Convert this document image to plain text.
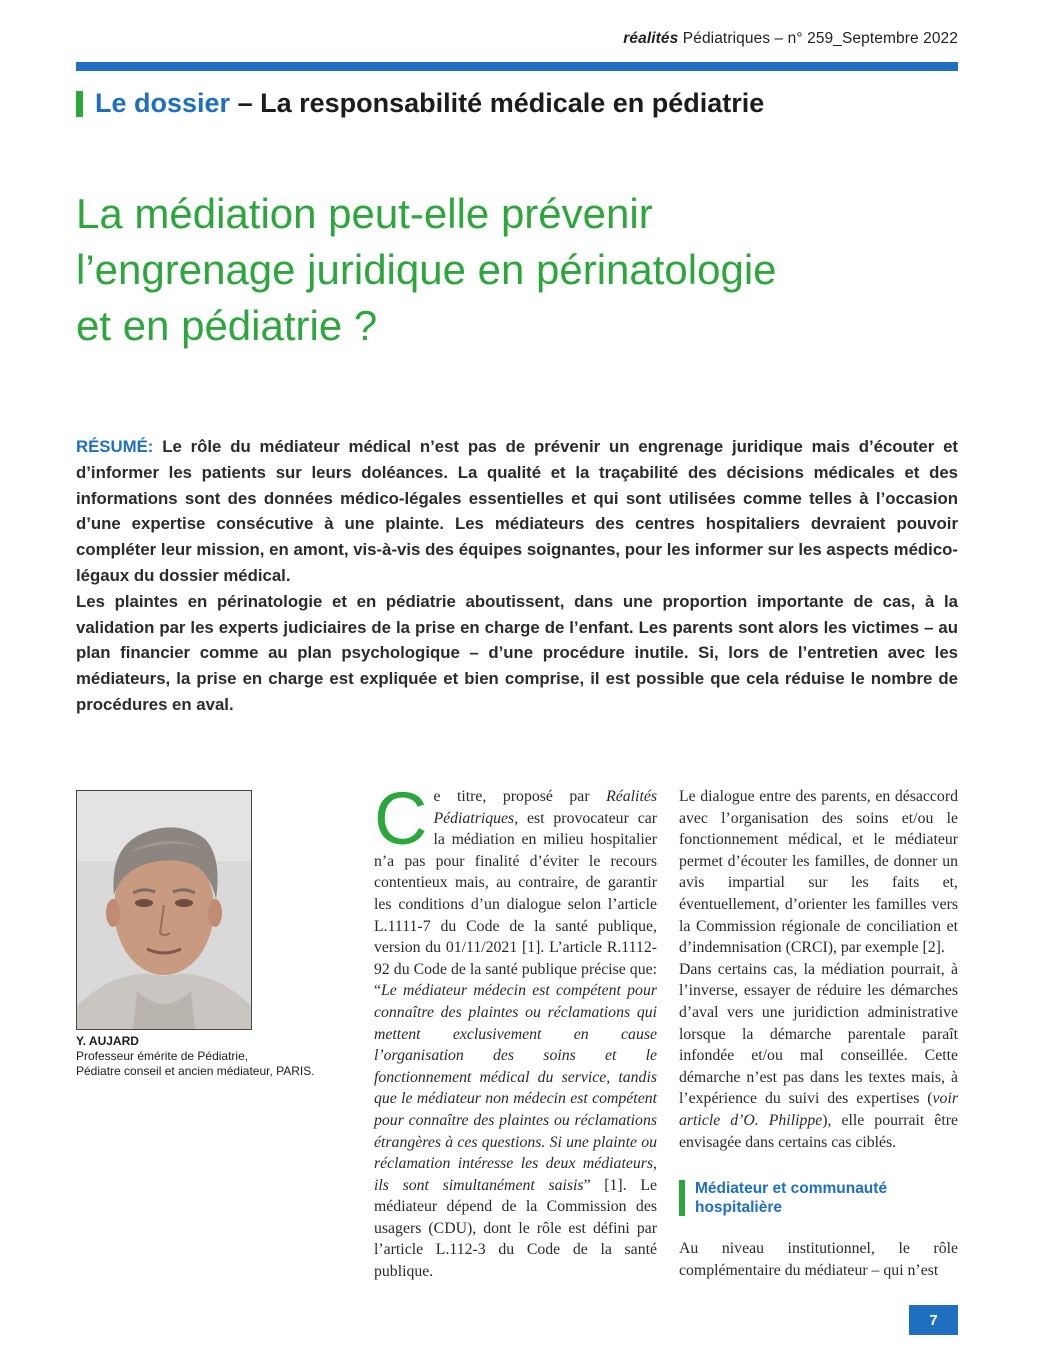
réalités Pédiatriques – n° 259_Septembre 2022
Le dossier
–
La responsabilité médicale en pédiatrie
La médiation peut-elle prévenir
l’engrenage juridique en périnatologie
et en pédiatrie ?

RÉSUMÉ: Le rôle du médiateur médical n’est pas de prévenir un engrenage juridique mais d’écouter et d’informer les patients sur leurs doléances. La qualité et la traçabilité des décisions médicales et des informations sont des données médico-légales essentielles et qui sont utilisées comme telles à l’occasion d’une expertise consécutive à une plainte. Les médiateurs des centres hospitaliers devraient pouvoir compléter leur mission, en amont, vis-à-vis des équipes soignantes, pour les informer sur les aspects médico-légaux du dossier médical.

Les plaintes en périnatologie et en pédiatrie aboutissent, dans une proportion importante de cas, à la validation par les experts judiciaires de la prise en charge de l’enfant. Les parents sont alors les victimes – au plan financier comme au plan psychologique – d’une procédure inutile. Si, lors de l’entretien avec les médiateurs, la prise en charge est expliquée et bien comprise, il est possible que cela réduise le nombre de procédures en aval.

Y. AUJARD
Professeur émérite de Pédiatrie,
Pédiatre conseil et ancien médiateur, PARIS.

Ce titre, proposé par Réalités Pédiatriques, est provocateur car la médiation en milieu hospitalier n’a pas pour finalité d’éviter le recours contentieux mais, au contraire, de garantir les conditions d’un dialogue selon l’article L.1111-7 du Code de la santé publique, version du 01/11/2021 [1]. L’article R.1112-92 du Code de la santé publique précise que: “Le médiateur médecin est compétent pour connaître des plaintes ou réclamations qui mettent exclusivement en cause l’organisation des soins et le fonctionnement médical du service, tandis que le médiateur non médecin est compétent pour connaître des plaintes ou réclamations étrangères à ces questions. Si une plainte ou réclamation intéresse les deux médiateurs, ils sont simultanément saisis” [1]. Le médiateur dépend de la Commission des usagers (CDU), dont le rôle est défini par l’article L.112-3 du Code de la santé publique.

Le dialogue entre des parents, en désaccord avec l’organisation des soins et/ou le fonctionnement médical, et le médiateur permet d’écouter les familles, de donner un avis impartial sur les faits et, éventuellement, d’orienter les familles vers la Commission régionale de conciliation et d’indemnisation (CRCI), par exemple [2].

Dans certains cas, la médiation pourrait, à l’inverse, essayer de réduire les démarches d’aval vers une juridiction administrative lorsque la démarche parentale paraît infondée et/ou mal conseillée. Cette démarche n’est pas dans les textes mais, à l’expérience du suivi des expertises (voir article d’O. Philippe), elle pourrait être envisagée dans certains cas ciblés.

Médiateur et communauté hospitalière

Au niveau institutionnel, le rôle complémentaire du médiateur – qui n’est

7
